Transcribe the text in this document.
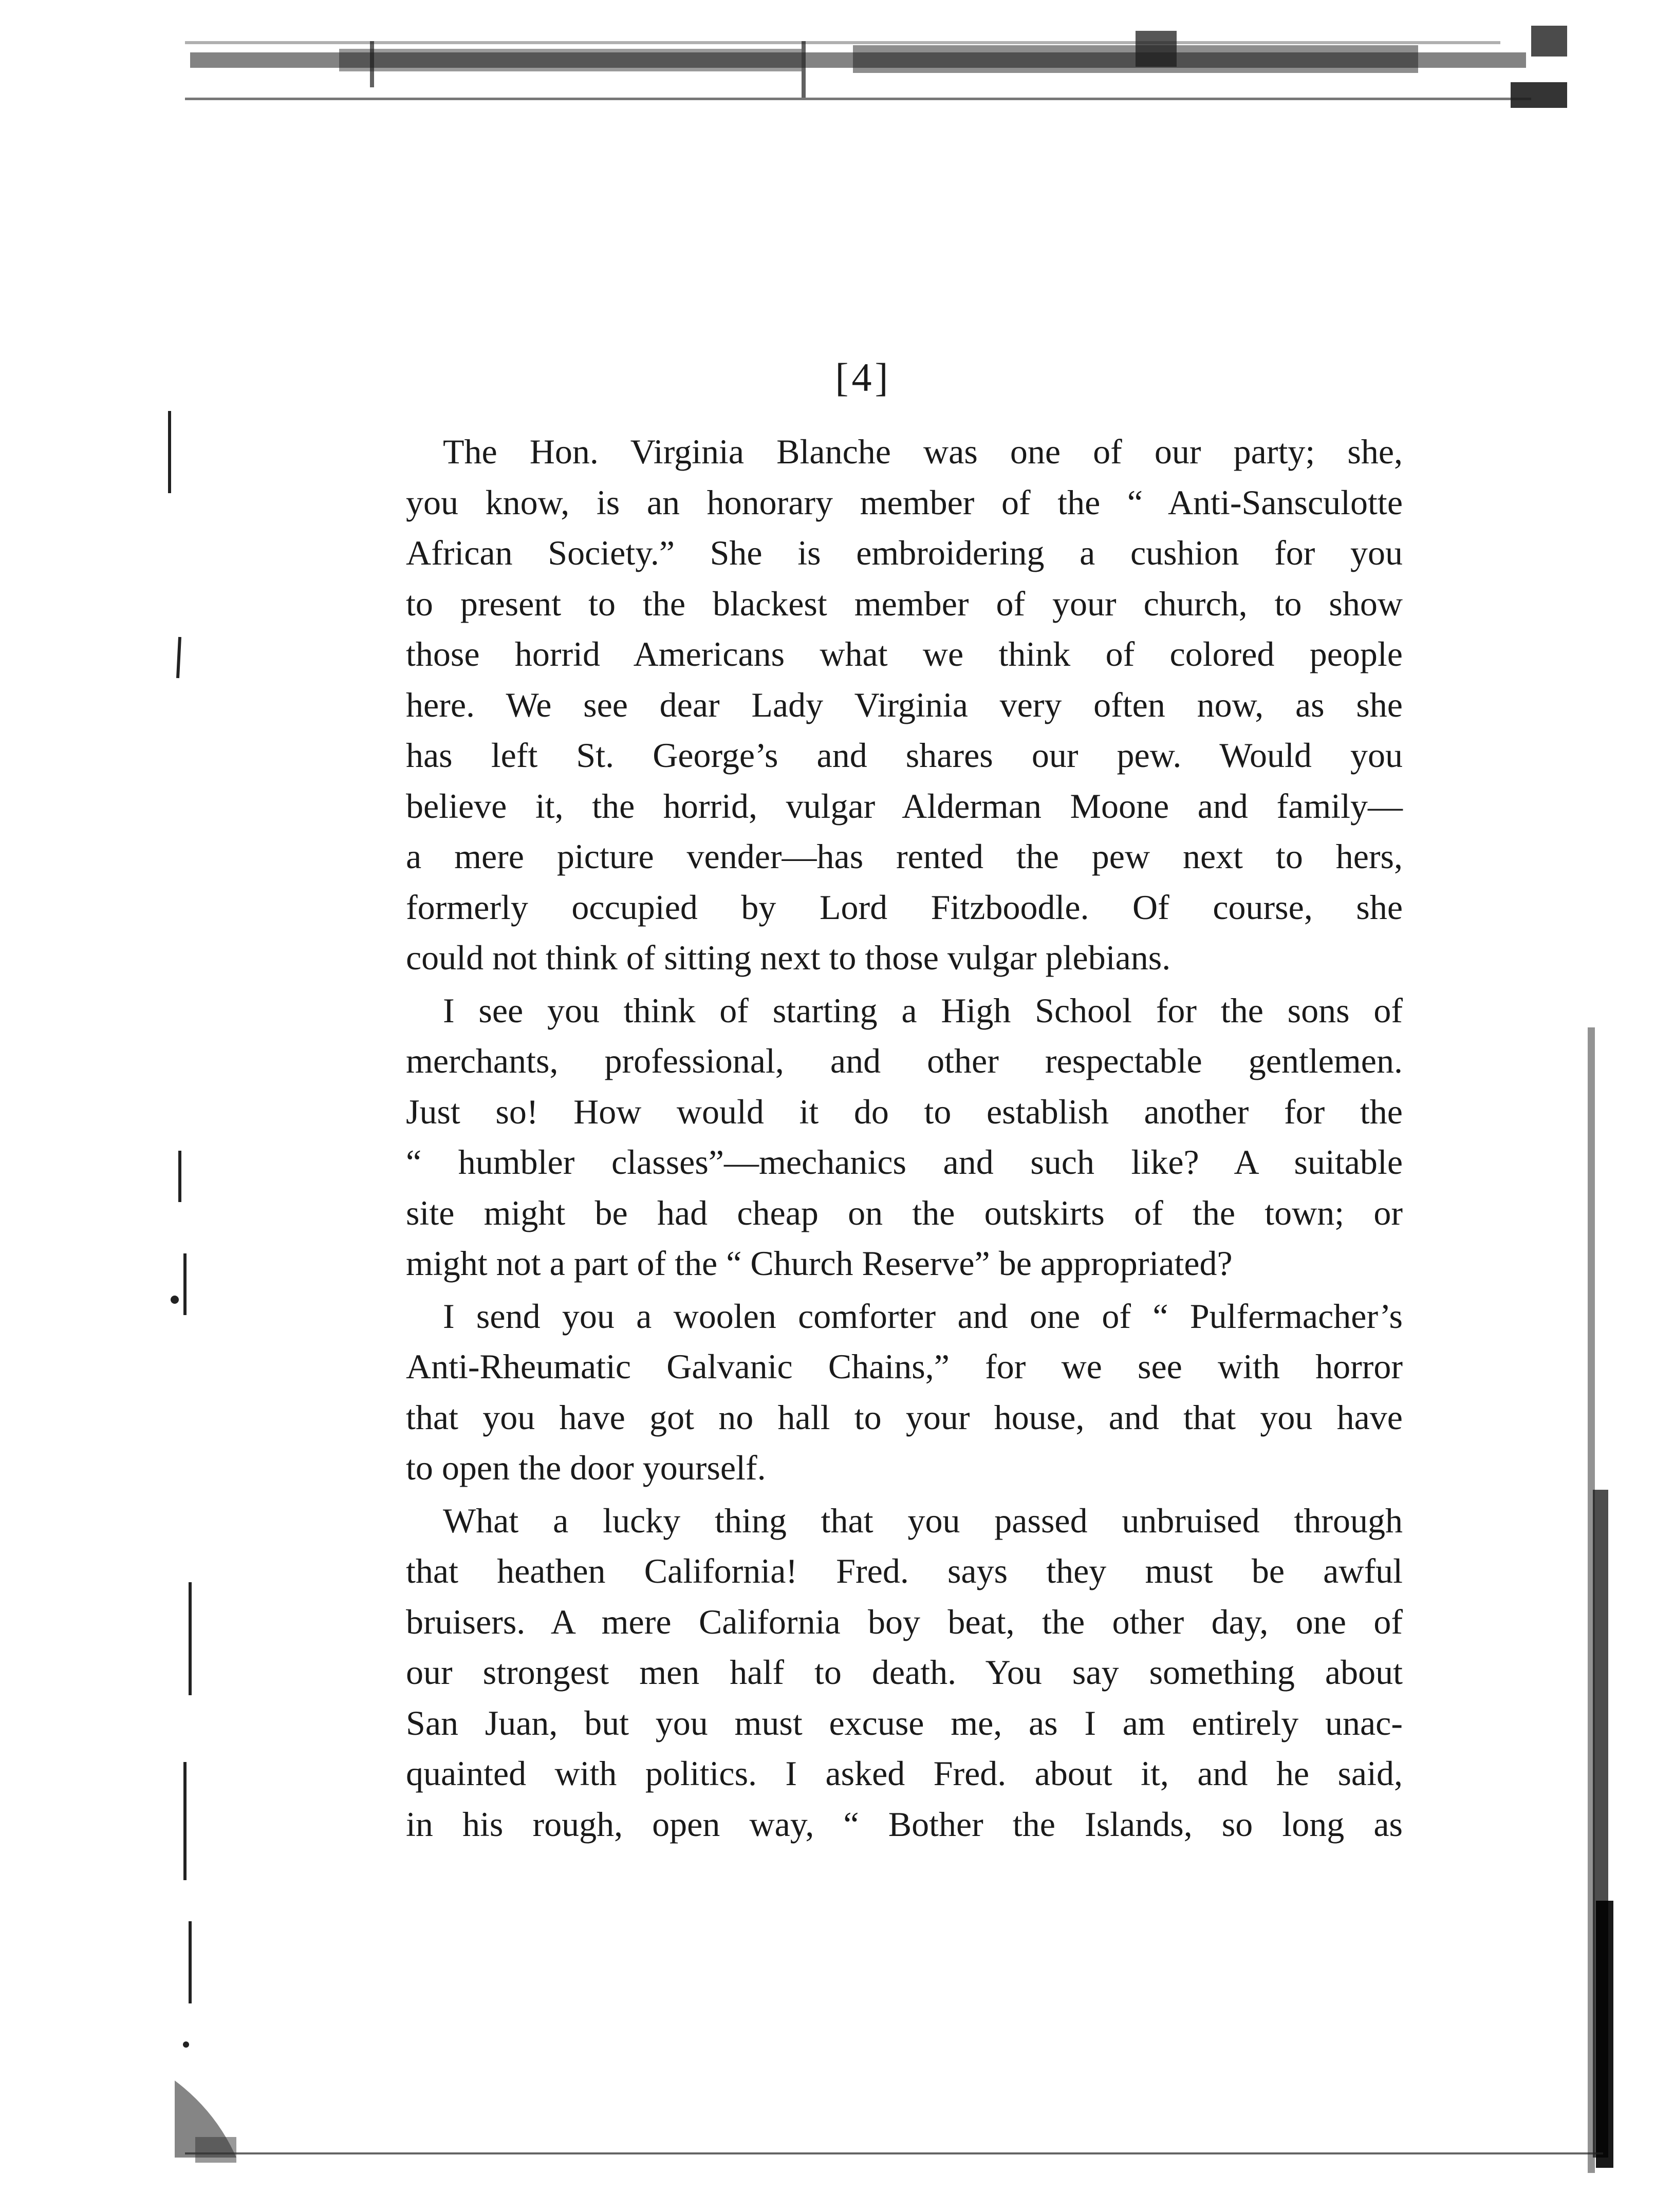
[4]
The Hon. Virginia Blanche was one of our party; she,
you know, is an honorary member of the “ Anti-Sansculotte
African Society.” She is embroidering a cushion for you
to present to the blackest member of your church, to show
those horrid Americans what we think of colored people
here. We see dear Lady Virginia very often now, as she
has left St. George’s and shares our pew. Would you
believe it, the horrid, vulgar Alderman Moone and family—
a mere picture vender—has rented the pew next to hers,
formerly occupied by Lord Fitzboodle. Of course, she
could not think of sitting next to those vulgar plebians.
I see you think of starting a High School for the sons of
merchants, professional, and other respectable gentlemen.
Just so! How would it do to establish another for the
“ humbler classes”—mechanics and such like? A suitable
site might be had cheap on the outskirts of the town; or
might not a part of the “ Church Reserve” be appropriated?
I send you a woolen comforter and one of “ Pulfermacher’s
Anti-Rheumatic Galvanic Chains,” for we see with horror
that you have got no hall to your house, and that you have
to open the door yourself.
What a lucky thing that you passed unbruised through
that heathen California! Fred. says they must be awful
bruisers. A mere California boy beat, the other day, one of
our strongest men half to death. You say something about
San Juan, but you must excuse me, as I am entirely unac-
quainted with politics. I asked Fred. about it, and he said,
in his rough, open way, “ Bother the Islands, so long as
